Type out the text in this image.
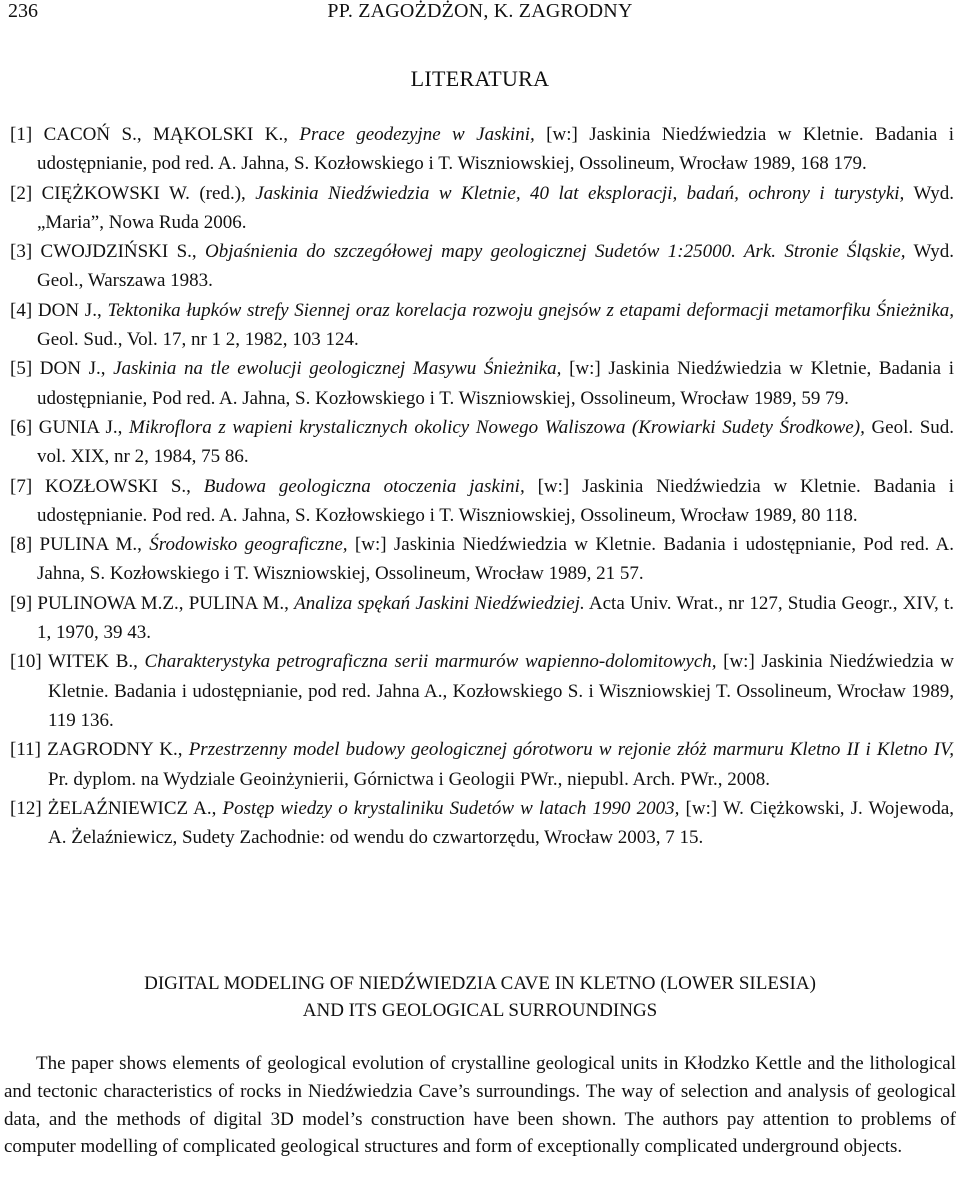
236	PP. ZAGOŻDŻON, K. ZAGRODNY
LITERATURA
[1] CACOŃ S., MĄKOLSKI K., Prace geodezyjne w Jaskini, [w:] Jaskinia Niedźwiedzia w Kletnie. Badania i udostępnianie, pod red. A. Jahna, S. Kozłowskiego i T. Wiszniowskiej, Ossolineum, Wrocław 1989, 168 179.
[2] CIĘŻKOWSKI W. (red.), Jaskinia Niedźwiedzia w Kletnie, 40 lat eksploracji, badań, ochrony i turystyki, Wyd. „Maria”, Nowa Ruda 2006.
[3] CWOJDZIŃSKI S., Objaśnienia do szczegółowej mapy geologicznej Sudetów 1:25000. Ark. Stronie Śląskie, Wyd. Geol., Warszawa 1983.
[4] DON J., Tektonika łupków strefy Siennej oraz korelacja rozwoju gnejsów z etapami deformacji metamorfiku Śnieżnika, Geol. Sud., Vol. 17, nr 1 2, 1982, 103 124.
[5] DON J., Jaskinia na tle ewolucji geologicznej Masywu Śnieżnika, [w:] Jaskinia Niedźwiedzia w Kletnie, Badania i udostępnianie, Pod red. A. Jahna, S. Kozłowskiego i T. Wiszniowskiej, Ossolineum, Wrocław 1989, 59 79.
[6] GUNIA J., Mikroflora z wapieni krystalicznych okolicy Nowego Waliszowa (Krowiarki Sudety Środkowe), Geol. Sud. vol. XIX, nr 2, 1984, 75 86.
[7] KOZŁOWSKI S., Budowa geologiczna otoczenia jaskini, [w:] Jaskinia Niedźwiedzia w Kletnie. Badania i udostępnianie. Pod red. A. Jahna, S. Kozłowskiego i T. Wiszniowskiej, Ossolineum, Wrocław 1989, 80 118.
[8] PULINA M., Środowisko geograficzne, [w:] Jaskinia Niedźwiedzia w Kletnie. Badania i udostępnianie, Pod red. A. Jahna, S. Kozłowskiego i T. Wiszniowskiej, Ossolineum, Wrocław 1989, 21 57.
[9] PULINOWA M.Z., PULINA M., Analiza spękań Jaskini Niedźwiedziej. Acta Univ. Wrat., nr 127, Studia Geogr., XIV, t. 1, 1970, 39 43.
[10] WITEK B., Charakterystyka petrograficzna serii marmurów wapienno-dolomitowych, [w:] Jaskinia Niedźwiedzia w Kletnie. Badania i udostępnianie, pod red. Jahna A., Kozłowskiego S. i Wiszniowskiej T. Ossolineum, Wrocław 1989, 119 136.
[11] ZAGRODNY K., Przestrzenny model budowy geologicznej górotworu w rejonie złóż marmuru Kletno II i Kletno IV, Pr. dyplom. na Wydziale Geoinżynierii, Górnictwa i Geologii PWr., niepubl. Arch. PWr., 2008.
[12] ŻELAŹNIEWICZ A., Postęp wiedzy o krystaliniku Sudetów w latach 1990 2003, [w:] W. Ciężkowski, J. Wojewoda, A. Żelaźniewicz, Sudety Zachodnie: od wendu do czwartorzędu, Wrocław 2003, 7 15.
DIGITAL MODELING OF NIEDŹWIEDZIA CAVE IN KLETNO (LOWER SILESIA)
AND ITS GEOLOGICAL SURROUNDINGS

The paper shows elements of geological evolution of crystalline geological units in Kłodzko Kettle and the lithological and tectonic characteristics of rocks in Niedźwiedzia Cave’s surroundings. The way of selection and analysis of geological data, and the methods of digital 3D model’s construction have been shown. The authors pay attention to problems of computer modelling of complicated geological structures and form of exceptionally complicated underground objects.
